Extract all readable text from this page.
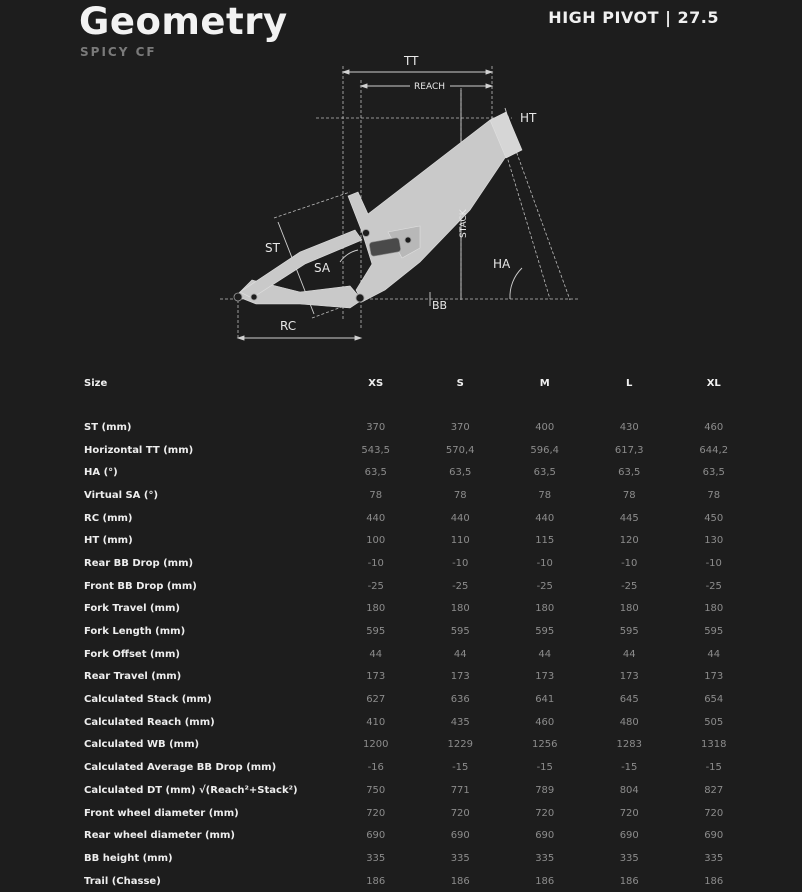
Geometry
SPICY CF
HIGH PIVOT | 27.5
TT
REACH
HT
ST
SA
STACK
HA
BB
RC
Size	XS	S	M	L	XL

ST (mm)	370	370	400	430	460
Horizontal TT (mm)	543,5	570,4	596,4	617,3	644,2
HA (°)	63,5	63,5	63,5	63,5	63,5
Virtual SA (°)	78	78	78	78	78
RC (mm)	440	440	440	445	450
HT (mm)	100	110	115	120	130
Rear BB Drop (mm)	-10	-10	-10	-10	-10
Front BB Drop (mm)	-25	-25	-25	-25	-25
Fork Travel (mm)	180	180	180	180	180
Fork Length (mm)	595	595	595	595	595
Fork Offset (mm)	44	44	44	44	44
Rear Travel (mm)	173	173	173	173	173
Calculated Stack (mm)	627	636	641	645	654
Calculated Reach (mm)	410	435	460	480	505
Calculated WB (mm)	1200	1229	1256	1283	1318
Calculated Average BB Drop (mm)	-16	-15	-15	-15	-15
Calculated DT (mm) √(Reach²+Stack²)	750	771	789	804	827
Front wheel diameter (mm)	720	720	720	720	720
Rear wheel diameter (mm)	690	690	690	690	690
BB height (mm)	335	335	335	335	335
Trail (Chasse)	186	186	186	186	186
